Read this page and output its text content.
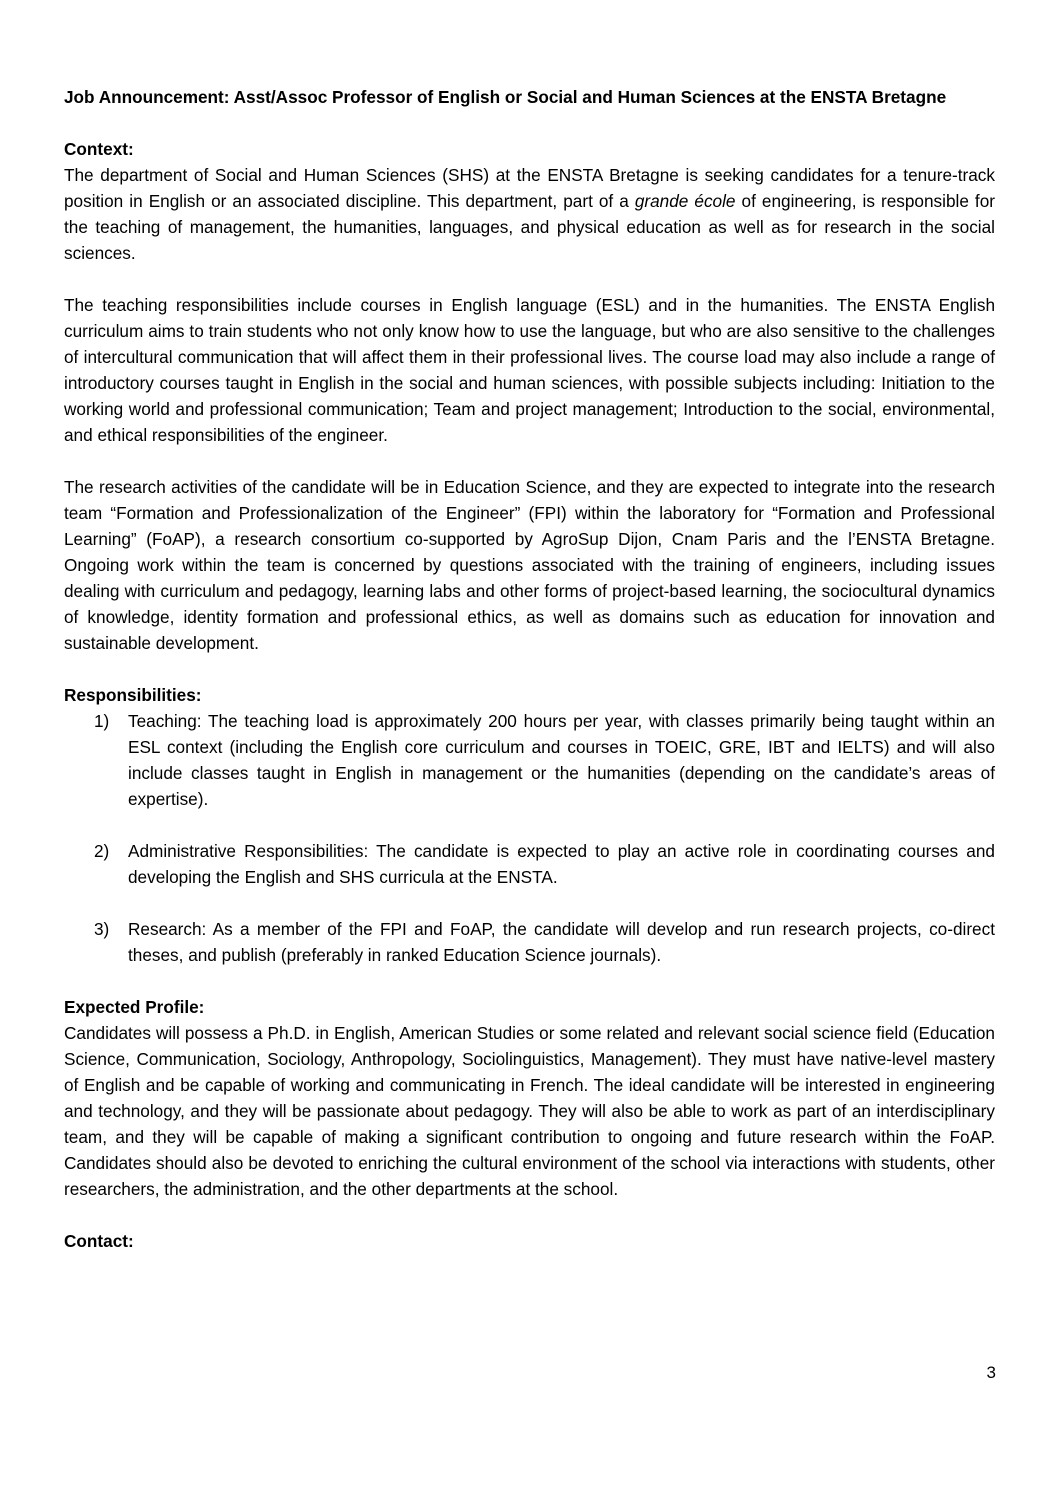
Job Announcement: Asst/Assoc Professor of English or Social and Human Sciences at the ENSTA Bretagne

Context:

The department of Social and Human Sciences (SHS) at the ENSTA Bretagne is seeking candidates for a tenure-track position in English or an associated discipline. This department, part of a grande école of engineering, is responsible for the teaching of management, the humanities, languages, and physical education as well as for research in the social sciences.

The teaching responsibilities include courses in English language (ESL) and in the humanities. The ENSTA English curriculum aims to train students who not only know how to use the language, but who are also sensitive to the challenges of intercultural communication that will affect them in their professional lives. The course load may also include a range of introductory courses taught in English in the social and human sciences, with possible subjects including: Initiation to the working world and professional communication; Team and project management; Introduction to the social, environmental, and ethical responsibilities of the engineer.

The research activities of the candidate will be in Education Science, and they are expected to integrate into the research team “Formation and Professionalization of the Engineer” (FPI) within the laboratory for “Formation and Professional Learning” (FoAP), a research consortium co-supported by AgroSup Dijon, Cnam Paris and the l’ENSTA Bretagne. Ongoing work within the team is concerned by questions associated with the training of engineers, including issues dealing with curriculum and pedagogy, learning labs and other forms of project-based learning, the sociocultural dynamics of knowledge, identity formation and professional ethics, as well as domains such as education for innovation and sustainable development.

Responsibilities:

1)	Teaching: The teaching load is approximately 200 hours per year, with classes primarily being taught within an ESL context (including the English core curriculum and courses in TOEIC, GRE, IBT and IELTS) and will also include classes taught in English in management or the humanities (depending on the candidate’s areas of expertise).
2)	Administrative Responsibilities: The candidate is expected to play an active role in coordinating courses and developing the English and SHS curricula at the ENSTA.
3)	Research: As a member of the FPI and FoAP, the candidate will develop and run research projects, co-direct theses, and publish (preferably in ranked Education Science journals).

Expected Profile:

Candidates will possess a Ph.D. in English, American Studies or some related and relevant social science field (Education Science, Communication, Sociology, Anthropology, Sociolinguistics, Management). They must have native-level mastery of English and be capable of working and communicating in French. The ideal candidate will be interested in engineering and technology, and they will be passionate about pedagogy. They will also be able to work as part of an interdisciplinary team, and they will be capable of making a significant contribution to ongoing and future research within the FoAP. Candidates should also be devoted to enriching the cultural environment of the school via interactions with students, other researchers, the administration, and the other departments at the school.

Contact:

3
